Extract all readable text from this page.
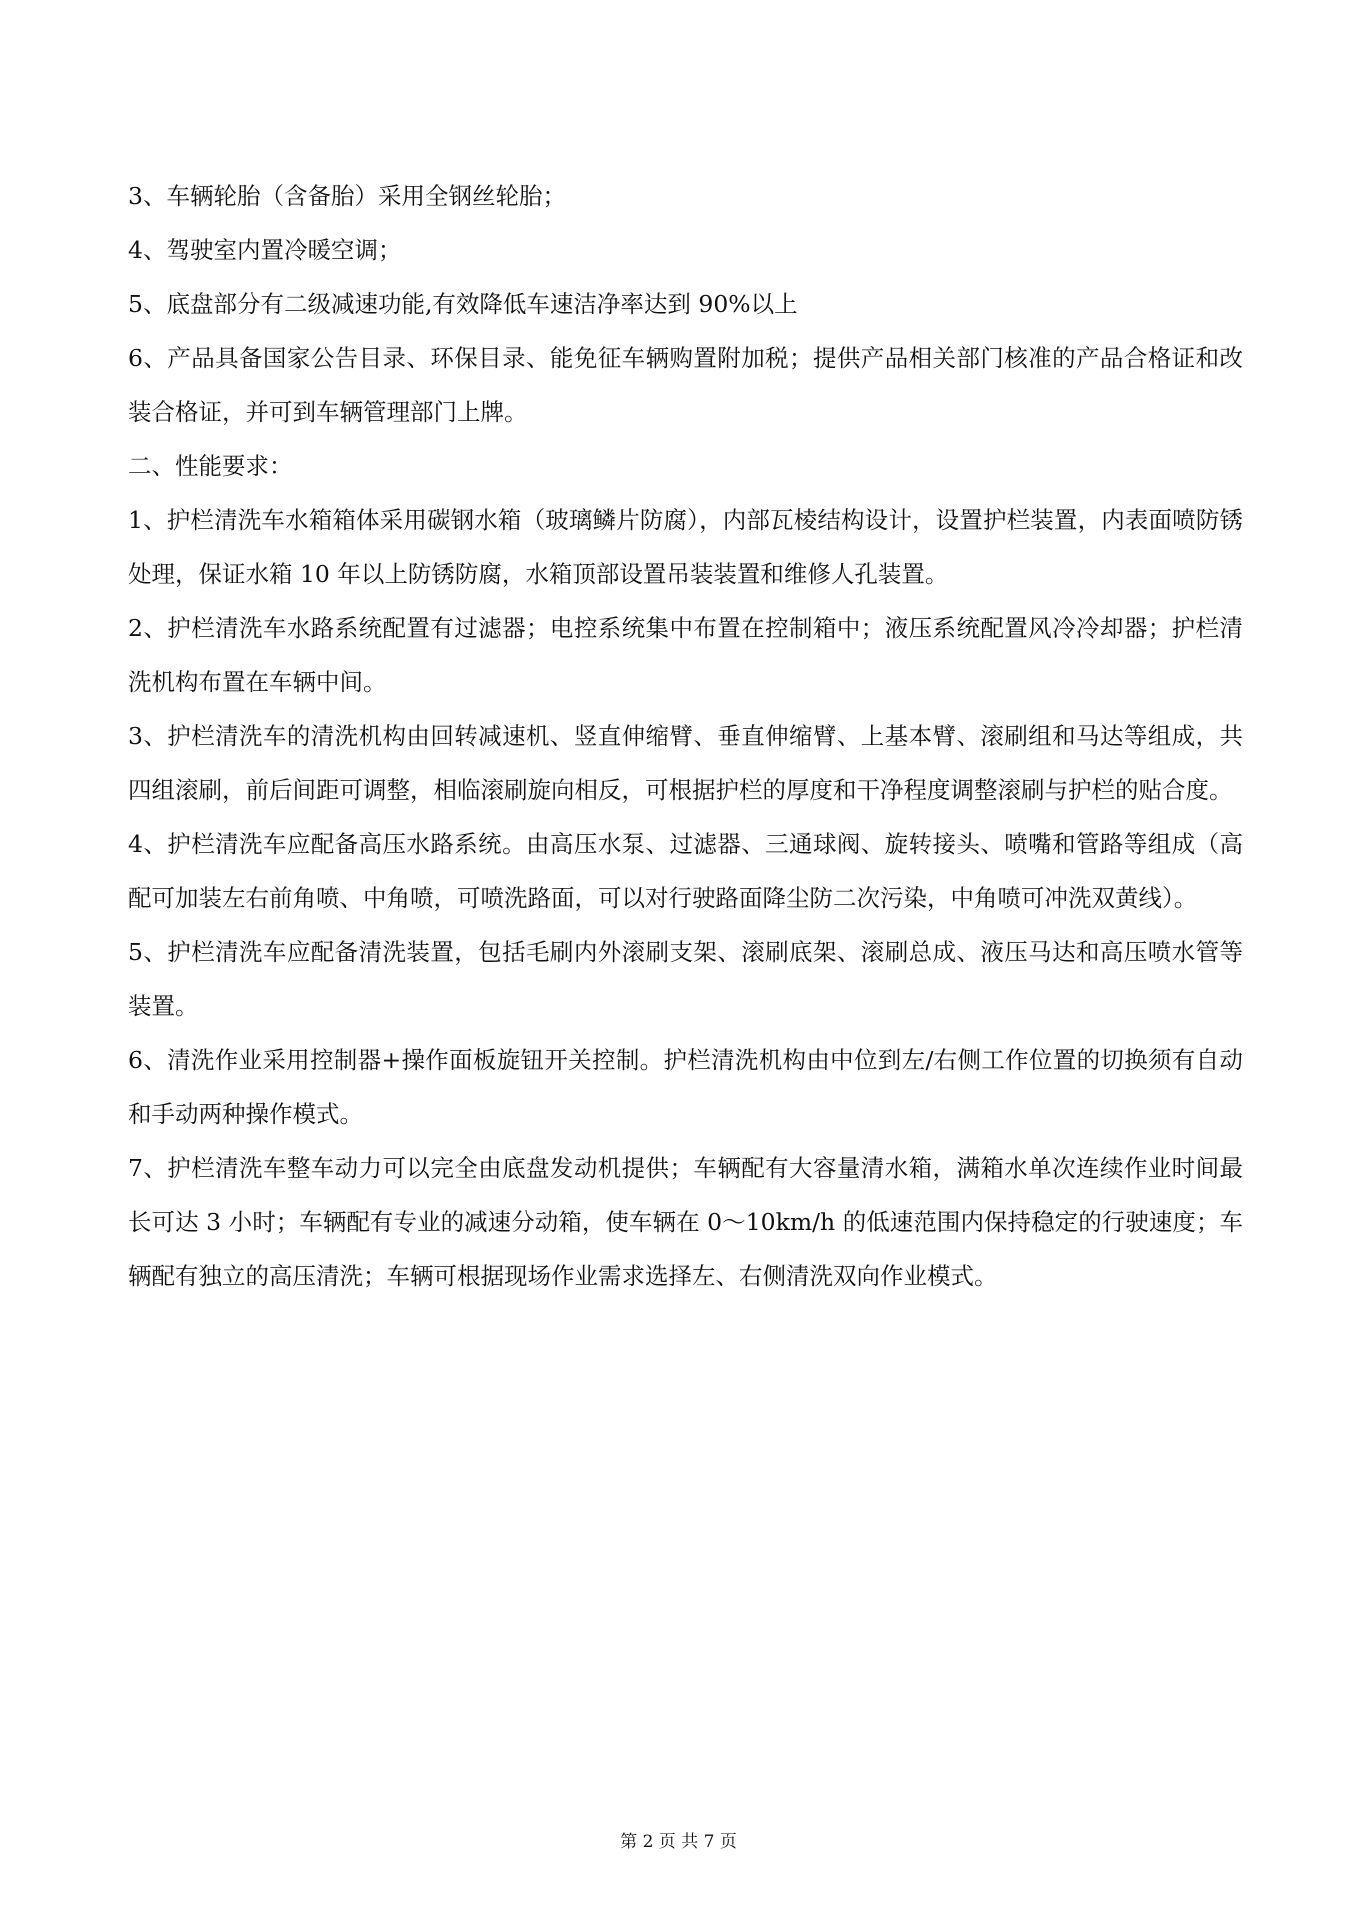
3、车辆轮胎（含备胎）采用全钢丝轮胎；

4、驾驶室内置冷暖空调；

5、底盘部分有二级减速功能,有效降低车速洁净率达到 90%以上

6、产品具备国家公告目录、环保目录、能免征车辆购置附加税；提供产品相关部门核准的产品合格证和改装合格证，并可到车辆管理部门上牌。

二、性能要求：

1、护栏清洗车水箱箱体采用碳钢水箱（玻璃鳞片防腐），内部瓦棱结构设计，设置护栏装置，内表面喷防锈处理，保证水箱 10 年以上防锈防腐，水箱顶部设置吊装装置和维修人孔装置。

2、护栏清洗车水路系统配置有过滤器；电控系统集中布置在控制箱中；液压系统配置风冷冷却器；护栏清洗机构布置在车辆中间。

3、护栏清洗车的清洗机构由回转减速机、竖直伸缩臂、垂直伸缩臂、上基本臂、滚刷组和马达等组成，共四组滚刷，前后间距可调整，相临滚刷旋向相反，可根据护栏的厚度和干净程度调整滚刷与护栏的贴合度。

4、护栏清洗车应配备高压水路系统。由高压水泵、过滤器、三通球阀、旋转接头、喷嘴和管路等组成（高配可加装左右前角喷、中角喷，可喷洗路面，可以对行驶路面降尘防二次污染，中角喷可冲洗双黄线）。

5、护栏清洗车应配备清洗装置，包括毛刷内外滚刷支架、滚刷底架、滚刷总成、液压马达和高压喷水管等装置。

6、清洗作业采用控制器+操作面板旋钮开关控制。护栏清洗机构由中位到左/右侧工作位置的切换须有自动和手动两种操作模式。

7、护栏清洗车整车动力可以完全由底盘发动机提供；车辆配有大容量清水箱，满箱水单次连续作业时间最长可达 3 小时；车辆配有专业的减速分动箱，使车辆在 0～10km/h 的低速范围内保持稳定的行驶速度；车辆配有独立的高压清洗；车辆可根据现场作业需求选择左、右侧清洗双向作业模式。

第 2 页 共 7 页
